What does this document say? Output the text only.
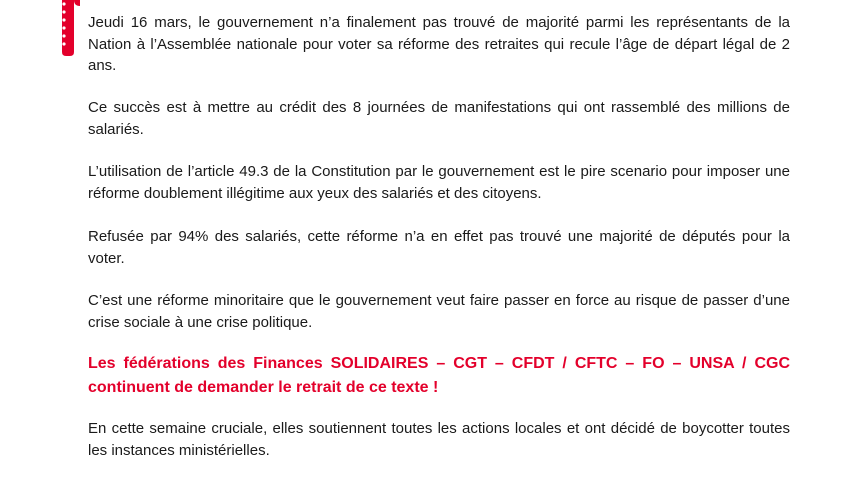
Jeudi 16 mars, le gouvernement n’a finalement pas trouvé de majorité parmi les représentants de la Nation à l’Assemblée nationale pour voter sa réforme des retraites qui recule l’âge de départ légal de 2 ans.

Ce succès est à mettre au crédit des 8 journées de manifestations qui ont rassemblé des millions de salariés.

L’utilisation de l’article 49.3 de la Constitution par le gouvernement est le pire scenario pour imposer une réforme doublement illégitime aux yeux des salariés et des citoyens.

Refusée par 94% des salariés, cette réforme n’a en effet pas trouvé une majorité de députés pour la voter.

C’est une réforme minoritaire que le gouvernement veut faire passer en force au risque de passer d’une crise sociale à une crise politique.

Les fédérations des Finances SOLIDAIRES – CGT – CFDT / CFTC – FO – UNSA / CGC continuent de demander le retrait de ce texte !

En cette semaine cruciale, elles soutiennent toutes les actions locales et ont décidé de boycotter toutes les instances ministérielles.
